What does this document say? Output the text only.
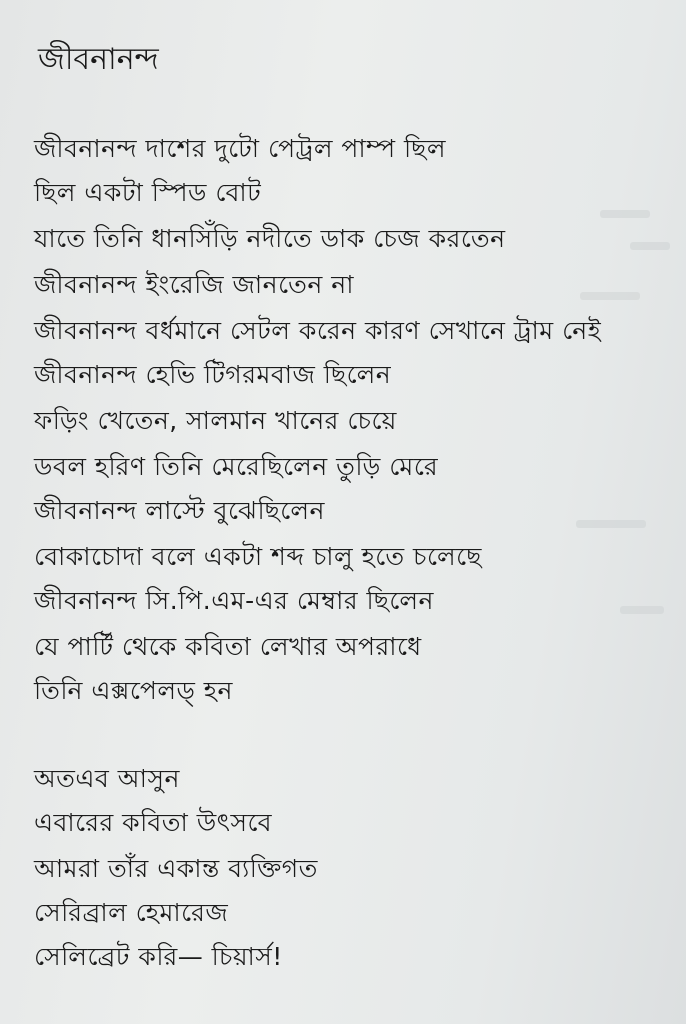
জীবনানন্দ
জীবনানন্দ দাশের দুটো পেট্রল পাম্প ছিল
ছিল একটা স্পিড বোট
যাতে তিনি ধানসিঁড়ি নদীতে ডাক চেজ করতেন
জীবনানন্দ ইংরেজি জানতেন না
জীবনানন্দ বর্ধমানে সেটল করেন কারণ সেখানে ট্রাম নেই
জীবনানন্দ হেভি টিগরমবাজ ছিলেন
ফড়িং খেতেন, সালমান খানের চেয়ে
ডবল হরিণ তিনি মেরেছিলেন তুড়ি মেরে
জীবনানন্দ লাস্টে বুঝেছিলেন
বোকাচোদা বলে একটা শব্দ চালু হতে চলেছে
জীবনানন্দ সি.পি.এম-এর মেম্বার ছিলেন
যে পার্টি থেকে কবিতা লেখার অপরাধে
তিনি এক্সপেলড্ হন
অতএব আসুন
এবারের কবিতা উৎসবে
আমরা তাঁর একান্ত ব্যক্তিগত
সেরিব্রাল হেমারেজ
সেলিব্রেট করি— চিয়ার্স!
